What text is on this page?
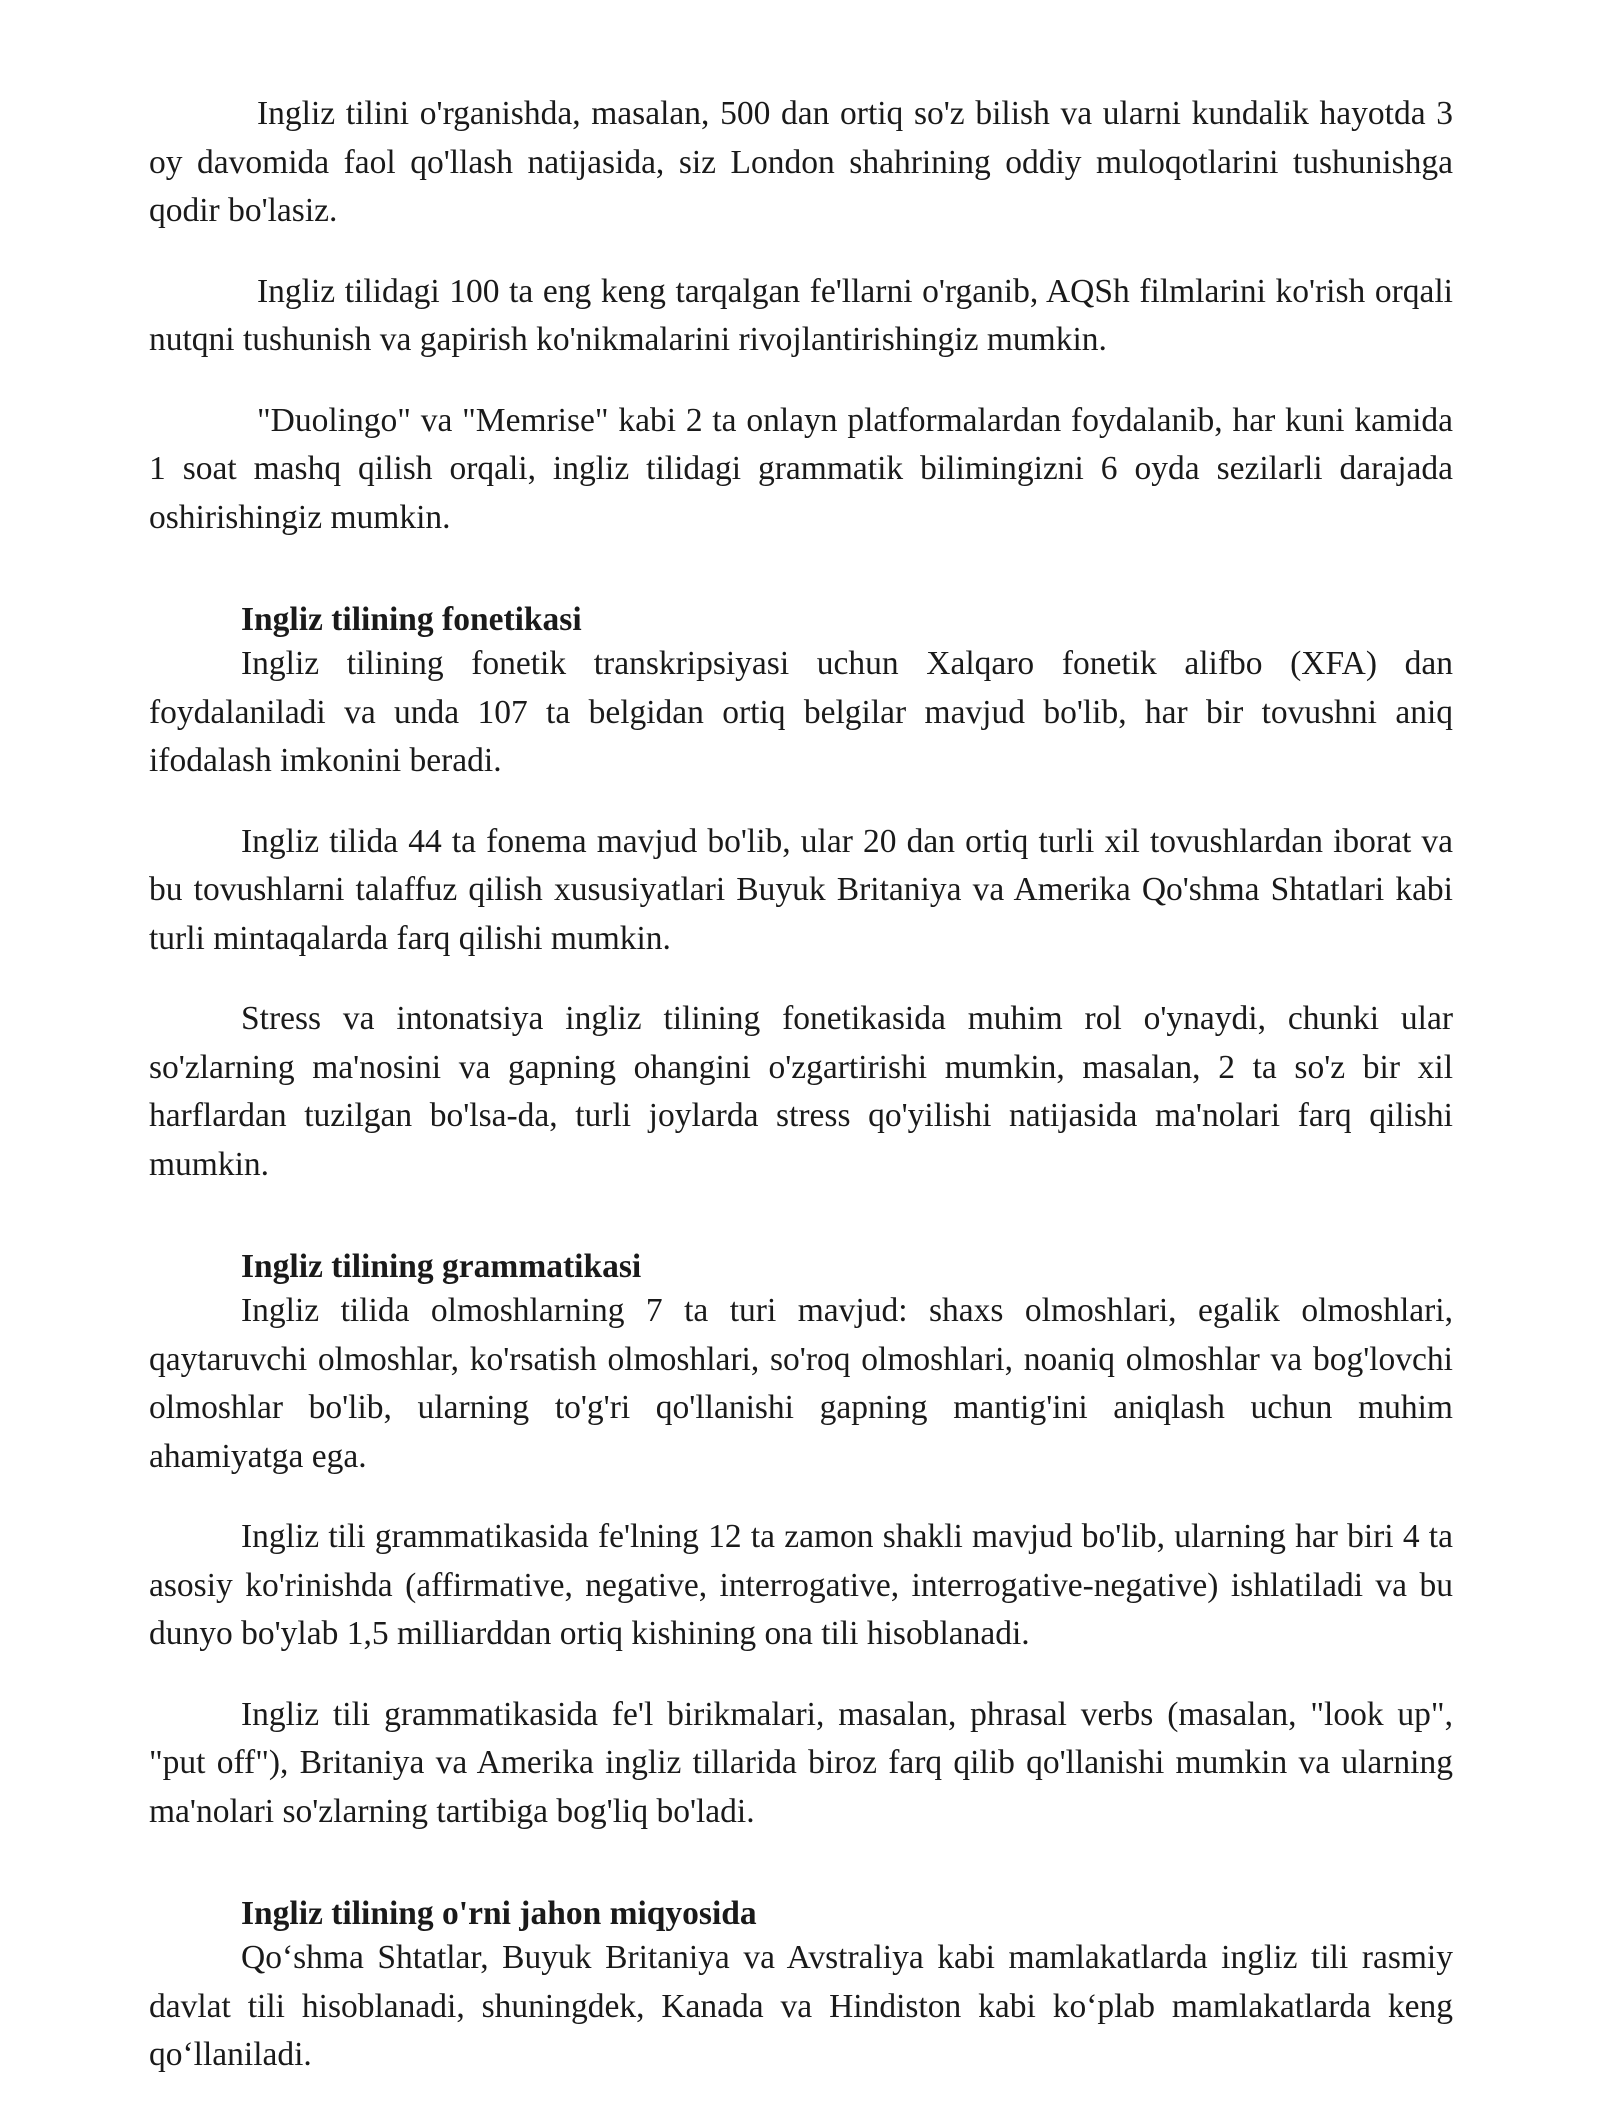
Ingliz tilini o'rganishda, masalan, 500 dan ortiq so'z bilish va ularni kundalik hayotda 3 oy davomida faol qo'llash natijasida, siz London shahrining oddiy muloqotlarini tushunishga qodir bo'lasiz.

Ingliz tilidagi 100 ta eng keng tarqalgan fe'llarni o'rganib, AQSh filmlarini ko'rish orqali nutqni tushunish va gapirish ko'nikmalarini rivojlantirishingiz mumkin.

"Duolingo" va "Memrise" kabi 2 ta onlayn platformalardan foydalanib, har kuni kamida 1 soat mashq qilish orqali, ingliz tilidagi grammatik bilimingizni 6 oyda sezilarli darajada oshirishingiz mumkin.

Ingliz tilining fonetikasi

Ingliz tilining fonetik transkripsiyasi uchun Xalqaro fonetik alifbo (XFA) dan foydalaniladi va unda 107 ta belgidan ortiq belgilar mavjud bo'lib, har bir tovushni aniq ifodalash imkonini beradi.

Ingliz tilida 44 ta fonema mavjud bo'lib, ular 20 dan ortiq turli xil tovushlardan iborat va bu tovushlarni talaffuz qilish xususiyatlari Buyuk Britaniya va Amerika Qo'shma Shtatlari kabi turli mintaqalarda farq qilishi mumkin.

Stress va intonatsiya ingliz tilining fonetikasida muhim rol o'ynaydi, chunki ular so'zlarning ma'nosini va gapning ohangini o'zgartirishi mumkin, masalan, 2 ta so'z bir xil harflardan tuzilgan bo'lsa-da, turli joylarda stress qo'yilishi natijasida ma'nolari farq qilishi mumkin.

Ingliz tilining grammatikasi

Ingliz tilida olmoshlarning 7 ta turi mavjud: shaxs olmoshlari, egalik olmoshlari, qaytaruvchi olmoshlar, ko'rsatish olmoshlari, so'roq olmoshlari, noaniq olmoshlar va bog'lovchi olmoshlar bo'lib, ularning to'g'ri qo'llanishi gapning mantig'ini aniqlash uchun muhim ahamiyatga ega.

Ingliz tili grammatikasida fe'lning 12 ta zamon shakli mavjud bo'lib, ularning har biri 4 ta asosiy ko'rinishda (affirmative, negative, interrogative, interrogative-negative) ishlatiladi va bu dunyo bo'ylab 1,5 milliarddan ortiq kishining ona tili hisoblanadi.

Ingliz tili grammatikasida fe'l birikmalari, masalan, phrasal verbs (masalan, "look up", "put off"), Britaniya va Amerika ingliz tillarida biroz farq qilib qo'llanishi mumkin va ularning ma'nolari so'zlarning tartibiga bog'liq bo'ladi.

Ingliz tilining o'rni jahon miqyosida

Qo‘shma Shtatlar, Buyuk Britaniya va Avstraliya kabi mamlakatlarda ingliz tili rasmiy davlat tili hisoblanadi, shuningdek, Kanada va Hindiston kabi ko‘plab mamlakatlarda keng qo‘llaniladi.
